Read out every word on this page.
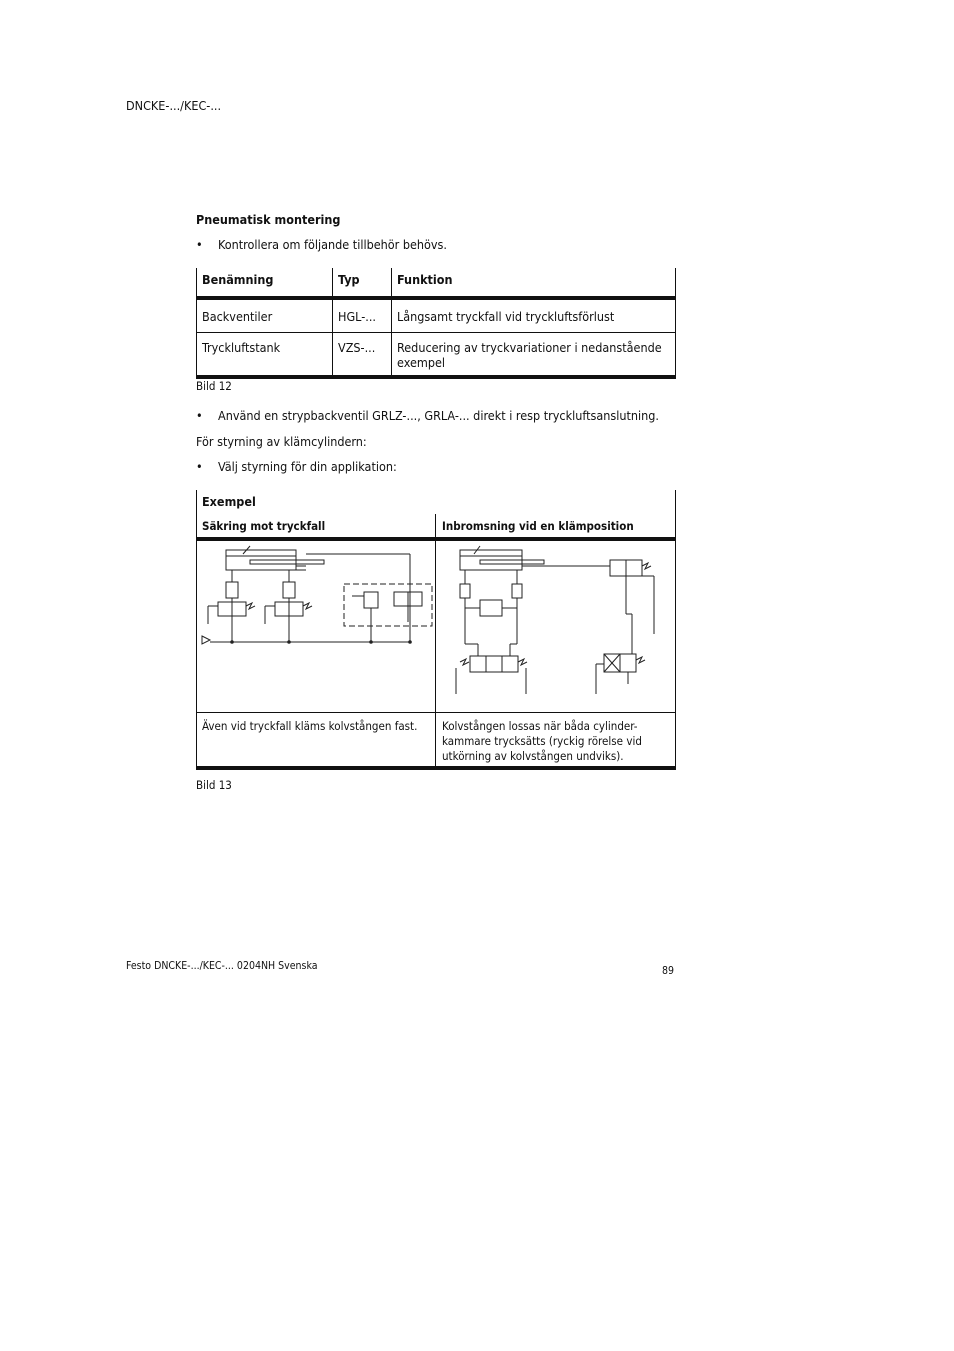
DNCKE-.../KEC-...
Pneumatisk montering
• Kontrollera om följande tillbehör behövs.
Benämning	Typ	Funktion
Backventiler	HGL-...	Långsamt tryckfall vid tryckluftsförlust
Tryckluftstank	VZS-...	Reducering av tryckvariationer i nedanstående exempel
Bild 12
• Använd en strypbackventil GRLZ-..., GRLA-... direkt i resp tryckluftsanslutning.
För styrning av klämcylindern:
• Välj styrning för din applikation:
Exempel
Säkring mot tryckfall	Inbromsning vid en klämposition
Även vid tryckfall kläms kolvstången fast.	Kolvstången lossas när båda cylinder-kammare trycksätts (ryckig rörelse vid utkörning av kolvstången undviks).
Bild 13
Festo DNCKE-.../KEC-... 0204NH Svenska	89
